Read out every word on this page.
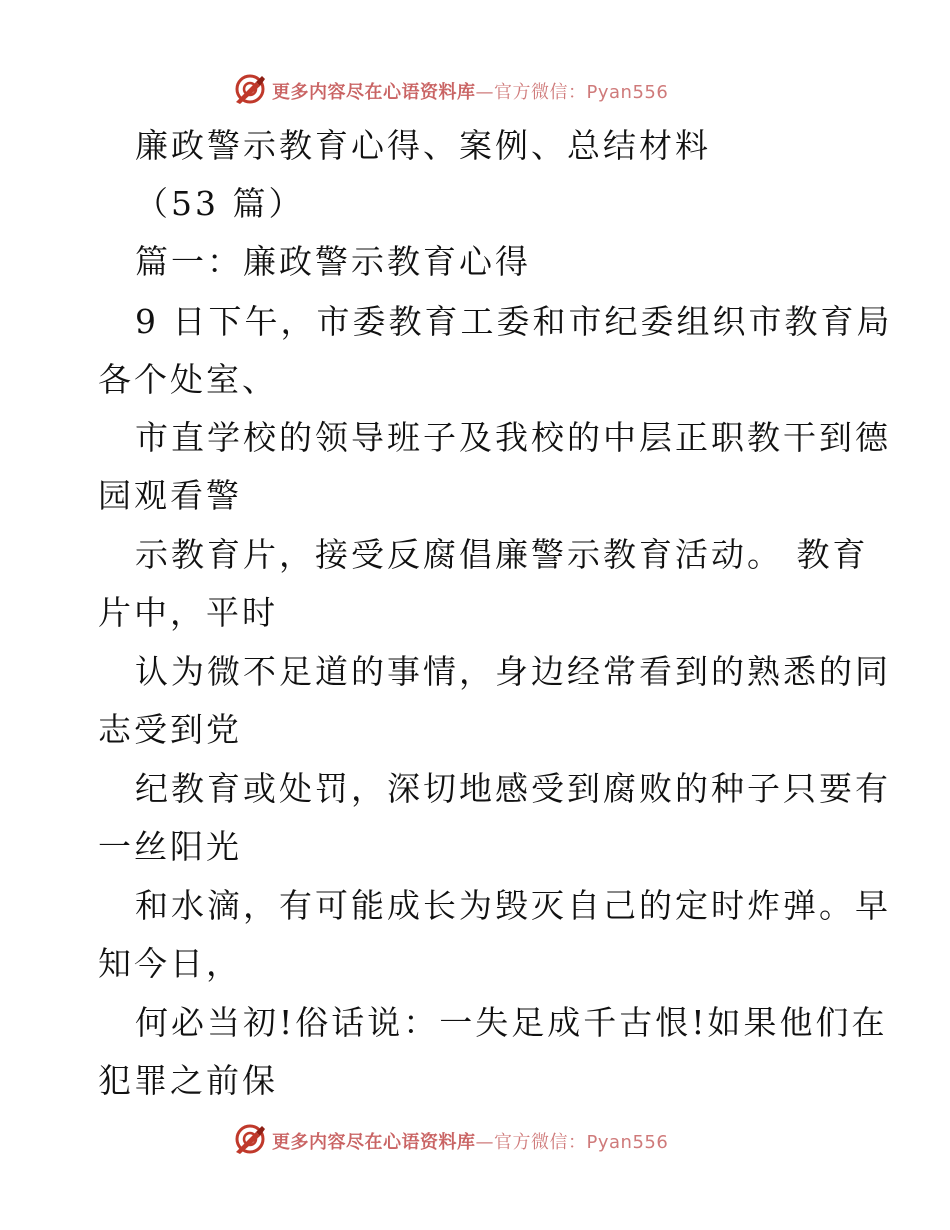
更多内容尽在心语资料库—官方微信：Pyan556
廉政警示教育心得、案例、总结材料
（53 篇）
篇一：廉政警示教育心得
9 日下午，市委教育工委和市纪委组织市教育局
各个处室、
市直学校的领导班子及我校的中层正职教干到德
园观看警
示教育片，接受反腐倡廉警示教育活动。 教育
片中，平时
认为微不足道的事情，身边经常看到的熟悉的同
志受到党
纪教育或处罚，深切地感受到腐败的种子只要有
一丝阳光
和水滴，有可能成长为毁灭自己的定时炸弹。早
知今日，
何必当初!俗话说：一失足成千古恨!如果他们在
犯罪之前保
更多内容尽在心语资料库—官方微信：Pyan556
